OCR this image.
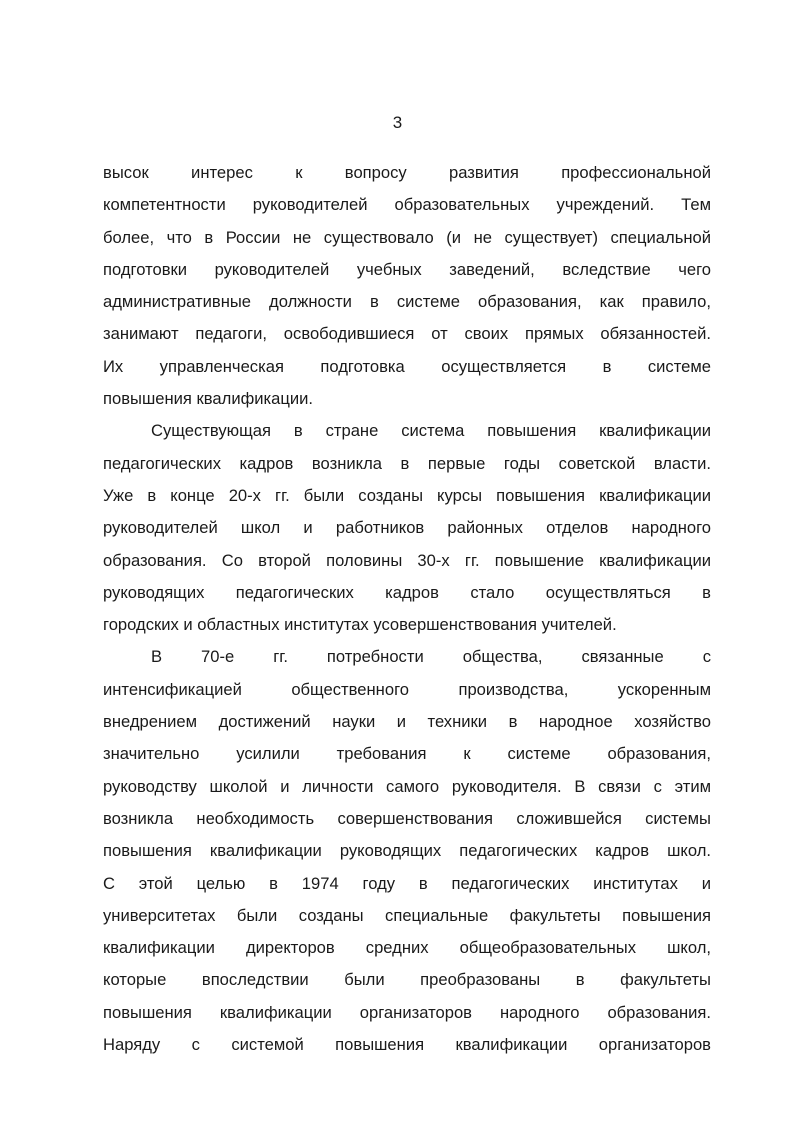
3
высок интерес к вопросу развития профессиональной
компетентности руководителей образовательных учреждений. Тем
более, что в России не существовало (и не существует) специальной
подготовки руководителей учебных заведений, вследствие чего
административные должности в системе образования, как правило,
занимают педагоги, освободившиеся от своих прямых обязанностей.
Их управленческая подготовка осуществляется в системе
повышения квалификации.
Существующая в стране система повышения квалификации
педагогических кадров возникла в первые годы советской власти.
Уже в конце 20-х гг. были созданы курсы повышения квалификации
руководителей школ и работников районных отделов народного
образования. Со второй половины 30-х гг. повышение квалификации
руководящих педагогических кадров стало осуществляться в
городских и областных институтах усовершенствования учителей.
В 70-е гг. потребности общества, связанные с
интенсификацией общественного производства, ускоренным
внедрением достижений науки и техники в народное хозяйство
значительно усилили требования к системе образования,
руководству школой и личности самого руководителя. В связи с этим
возникла необходимость совершенствования сложившейся системы
повышения квалификации руководящих педагогических кадров школ.
С этой целью в 1974 году в педагогических институтах и
университетах были созданы специальные факультеты повышения
квалификации директоров средних общеобразовательных школ,
которые впоследствии были преобразованы в факультеты
повышения квалификации организаторов народного образования.
Наряду с системой повышения квалификации организаторов
